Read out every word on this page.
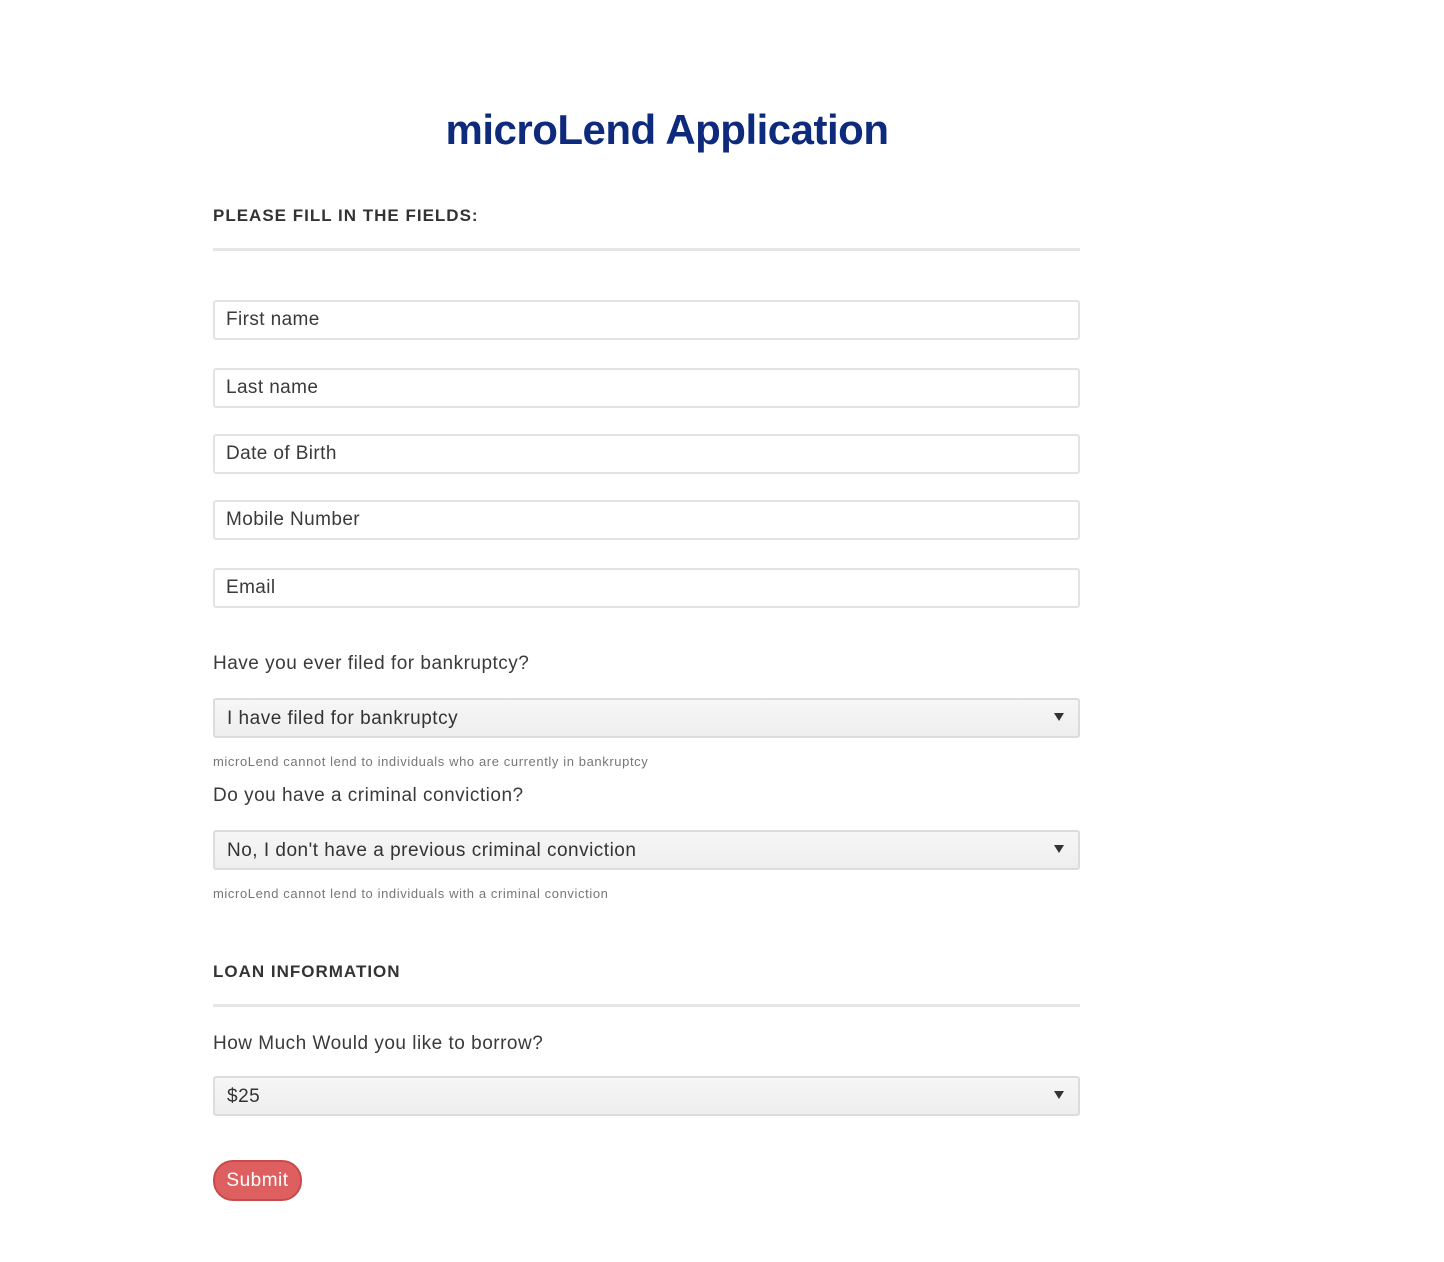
microLend Application
PLEASE FILL IN THE FIELDS:
First name
Last name
Date of Birth
Mobile Number
Email

Have you ever filed for bankruptcy?

I have filed for bankruptcy

microLend cannot lend to individuals who are currently in bankruptcy

Do you have a criminal conviction?

No, I don't have a previous criminal conviction

microLend cannot lend to individuals with a criminal conviction

LOAN INFORMATION

How Much Would you like to borrow?

$25
Submit
